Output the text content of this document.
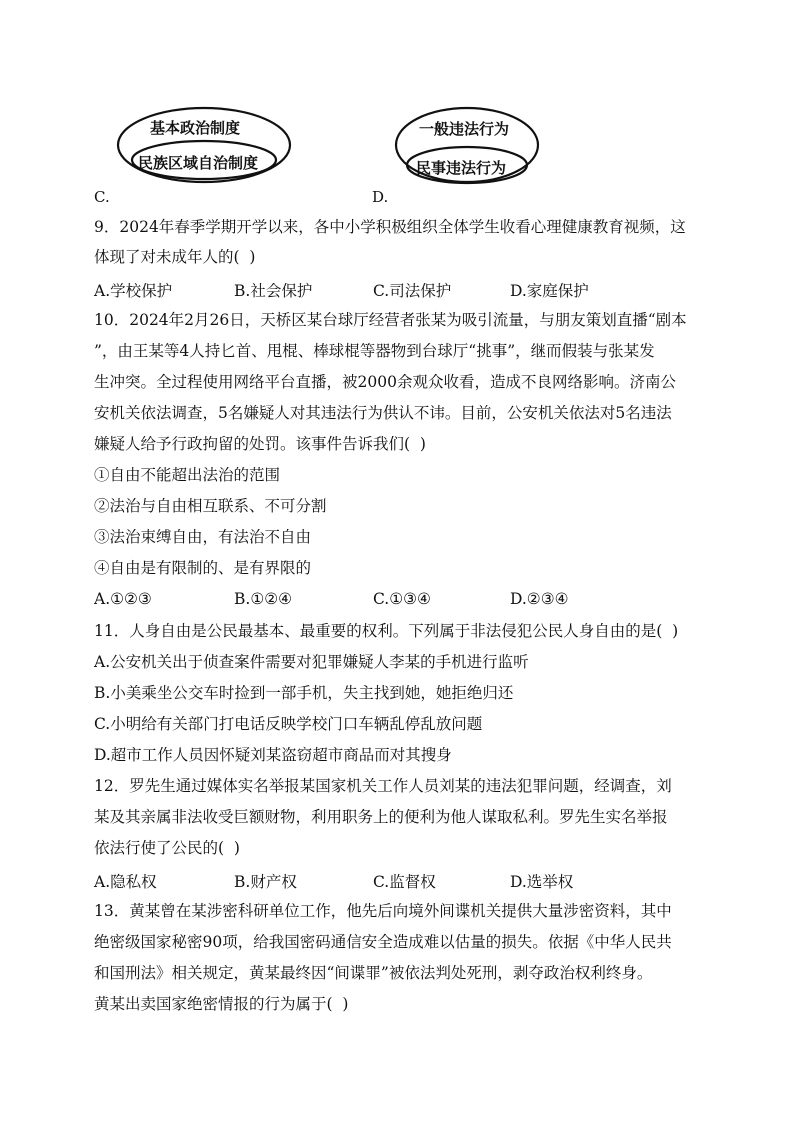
基本政治制度
民族区域自治制度
C.
一般违法行为
民事违法行为
D.
9．2024年春季学期开学以来，各中小学积极组织全体学生收看心理健康教育视频，这
体现了对未成年人的(  )
A.学校保护	B.社会保护	C.司法保护	D.家庭保护
10．2024年2月26日，天桥区某台球厅经营者张某为吸引流量，与朋友策划直播“剧本
”，由王某等4人持匕首、甩棍、棒球棍等器物到台球厅“挑事”，继而假装与张某发
生冲突。全过程使用网络平台直播，被2000余观众收看，造成不良网络影响。济南公
安机关依法调查，5名嫌疑人对其违法行为供认不讳。目前，公安机关依法对5名违法
嫌疑人给予行政拘留的处罚。该事件告诉我们(  )
①自由不能超出法治的范围
②法治与自由相互联系、不可分割
③法治束缚自由，有法治不自由
④自由是有限制的、是有界限的
A.①②③	B.①②④	C.①③④	D.②③④
11．人身自由是公民最基本、最重要的权利。下列属于非法侵犯公民人身自由的是(  )
A.公安机关出于侦查案件需要对犯罪嫌疑人李某的手机进行监听
B.小美乘坐公交车时捡到一部手机，失主找到她，她拒绝归还
C.小明给有关部门打电话反映学校门口车辆乱停乱放问题
D.超市工作人员因怀疑刘某盗窃超市商品而对其搜身
12．罗先生通过媒体实名举报某国家机关工作人员刘某的违法犯罪问题，经调查，刘
某及其亲属非法收受巨额财物，利用职务上的便利为他人谋取私利。罗先生实名举报
依法行使了公民的(  )
A.隐私权	B.财产权	C.监督权	D.选举权
13．黄某曾在某涉密科研单位工作，他先后向境外间谍机关提供大量涉密资料，其中
绝密级国家秘密90项，给我国密码通信安全造成难以估量的损失。依据《中华人民共
和国刑法》相关规定，黄某最终因“间谍罪”被依法判处死刑，剥夺政治权利终身。
黄某出卖国家绝密情报的行为属于(  )
